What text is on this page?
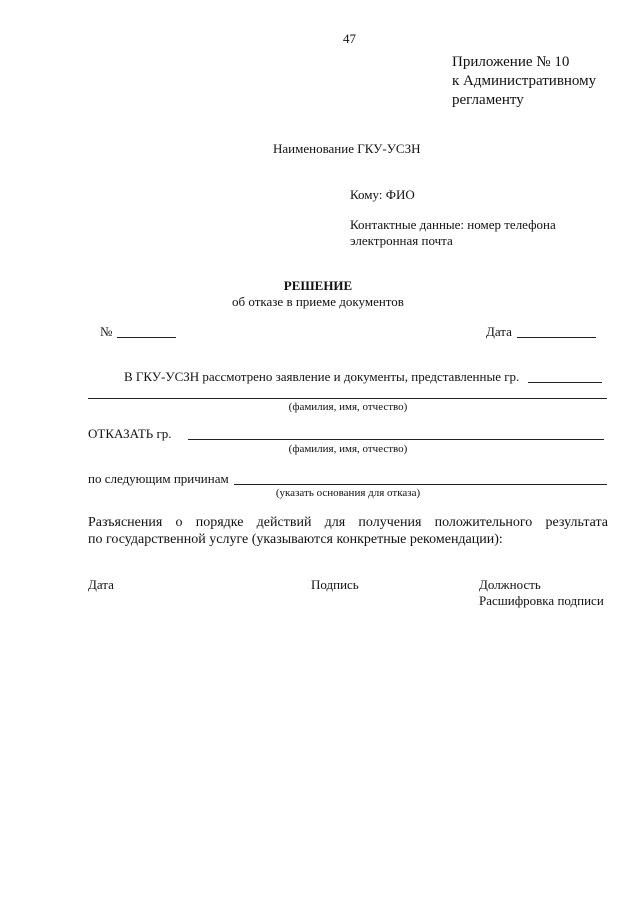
47
Приложение № 10
к Административному
регламенту
Наименование ГКУ-УСЗН
Кому: ФИО
Контактные данные: номер телефона
электронная почта
РЕШЕНИЕ
об отказе в приеме документов
№	Дата
В ГКУ-УСЗН рассмотрено заявление и документы, представленные гр.
(фамилия, имя, отчество)
ОТКАЗАТЬ гр.
(фамилия, имя, отчество)
по следующим причинам
(указать основания для отказа)
Разъяснения о порядке действий для получения положительного результата
по государственной услуге (указываются конкретные рекомендации):
Дата	Подпись	Должность
Расшифровка подписи
